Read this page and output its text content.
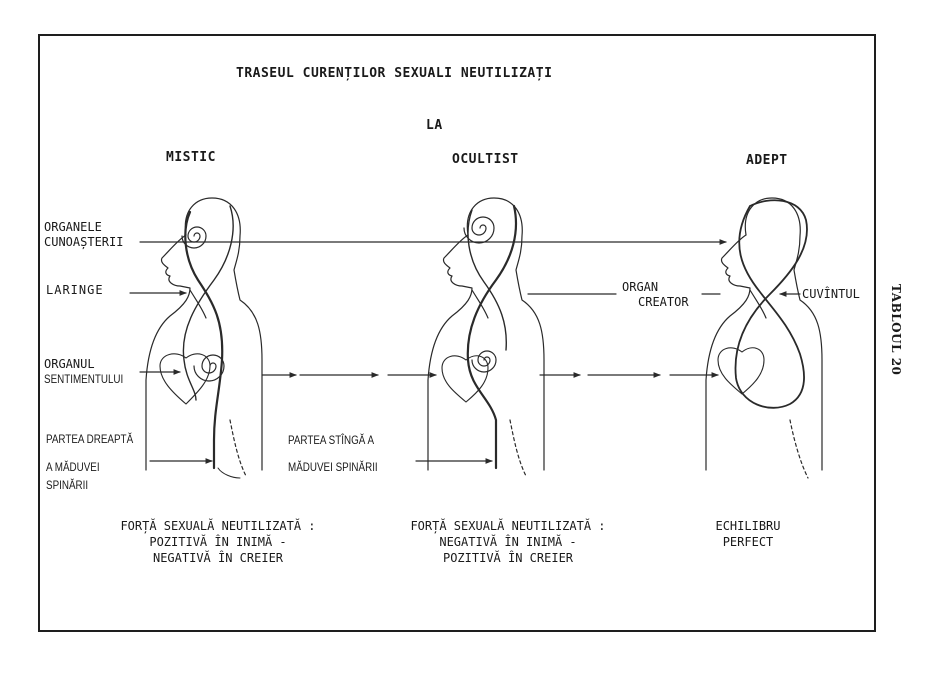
TRASEUL CURENȚILOR SEXUALI NEUTILIZAȚI
LA
MISTIC	OCULTIST	ADEPT
ORGANELE
CUNOAȘTERII
LARINGE
ORGANUL
SENTIMENTULUI
PARTEA DREAPTĂ
A MĂDUVEI
SPINĂRII
PARTEA STÎNGĂ A
MĂDUVEI SPINĂRII
ORGAN
CREATOR
CUVÎNTUL
FORȚĂ SEXUALĂ NEUTILIZATĂ :
POZITIVĂ ÎN INIMĂ -
NEGATIVĂ ÎN CREIER
FORȚĂ SEXUALĂ NEUTILIZATĂ :
NEGATIVĂ ÎN INIMĂ -
POZITIVĂ ÎN CREIER
ECHILIBRU
PERFECT
TABLOUL 20
